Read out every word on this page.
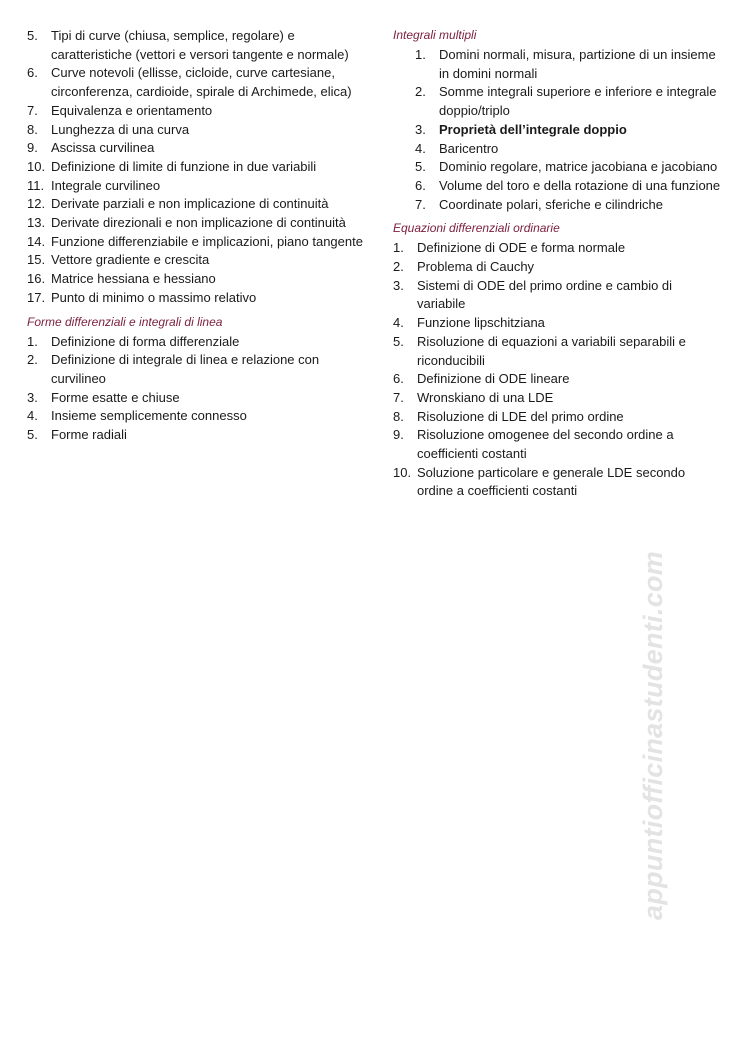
5.	Tipi di curve (chiusa, semplice, regolare) e caratteristiche (vettori e versori tangente e normale)
6.	Curve notevoli (ellisse, cicloide, curve cartesiane, circonferenza, cardioide, spirale di Archimede, elica)
7.	Equivalenza e orientamento
8.	Lunghezza di una curva
9.	Ascissa curvilinea
10. Definizione di limite di funzione in due variabili
11. Integrale curvilineo
12. Derivate parziali e non implicazione di continuità
13. Derivate direzionali e non implicazione di continuità
14. Funzione differenziabile e implicazioni, piano tangente
15. Vettore gradiente e crescita
16. Matrice hessiana e hessiano
17. Punto di minimo o massimo relativo
Forme differenziali e integrali di linea
1.	Definizione di forma differenziale
2.	Definizione di integrale di linea e relazione con curvilineo
3.	Forme esatte e chiuse
4.	Insieme semplicemente connesso
5.	Forme radiali
Integrali multipli
1.	Domini normali, misura, partizione di un insieme in domini normali
2.	Somme integrali superiore e inferiore e integrale doppio/triplo
3.	Proprietà dell’integrale doppio
4.	Baricentro
5.	Dominio regolare, matrice jacobiana e jacobiano
6.	Volume del toro e della rotazione di una funzione
7.	Coordinate polari, sferiche e cilindriche
Equazioni differenziali ordinarie
1.	Definizione di ODE e forma normale
2.	Problema di Cauchy
3.	Sistemi di ODE del primo ordine e cambio di variabile
4.	Funzione lipschitziana
5.	Risoluzione di equazioni a variabili separabili e riconducibili
6.	Definizione di ODE lineare
7.	Wronskiano di una LDE
8.	Risoluzione di LDE del primo ordine
9.	Risoluzione omogenee del secondo ordine a coefficienti costanti
10. Soluzione particolare e generale LDE secondo ordine a coefficienti costanti
appuntiofficinastudenti.com
